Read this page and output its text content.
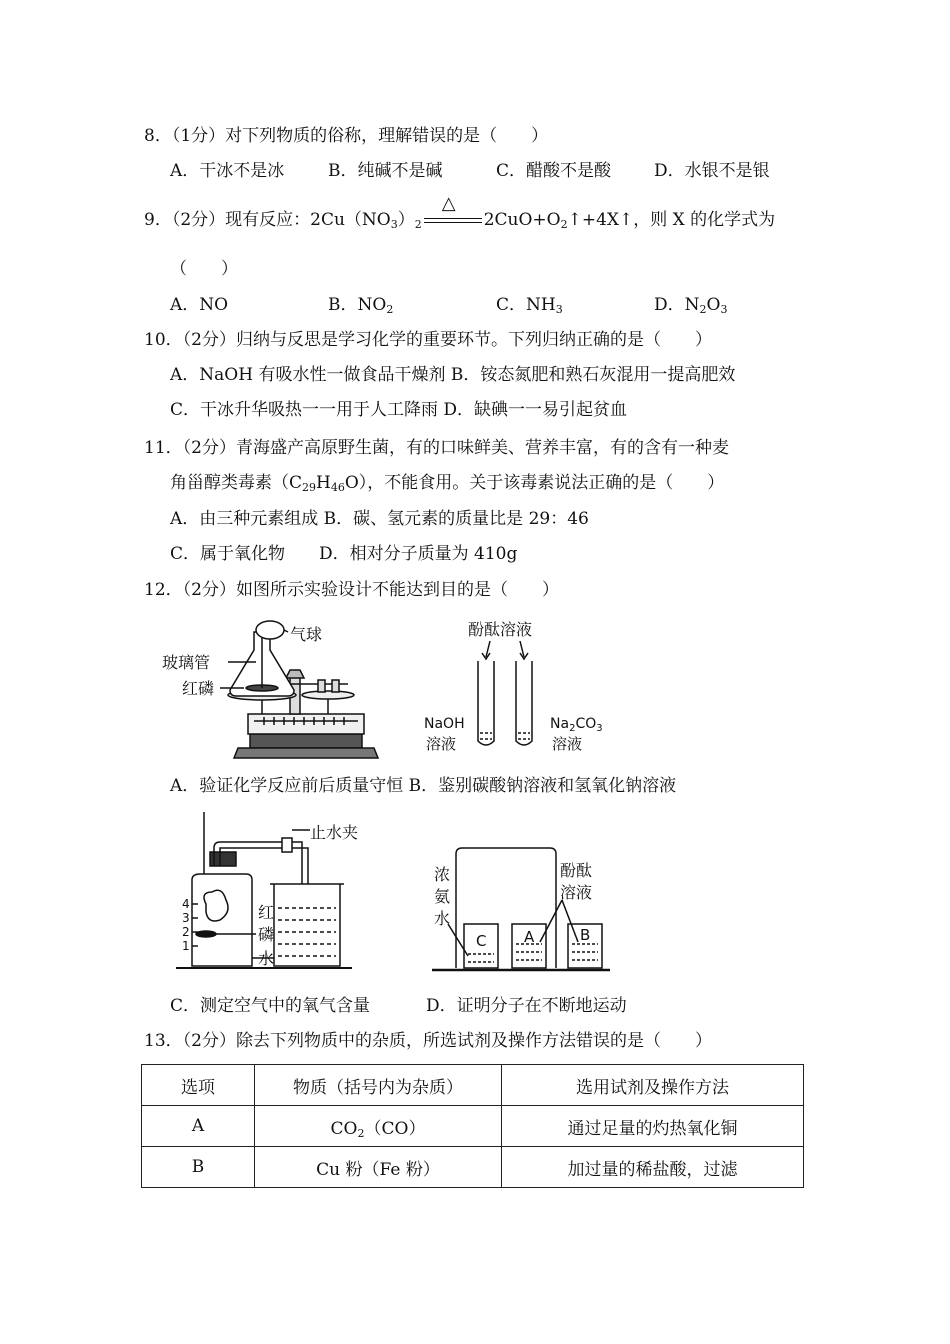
8．（1分）对下列物质的俗称，理解错误的是（　　）
A．干冰不是冰	B．纯碱不是碱	C．醋酸不是酸	D．水银不是银
9．（2分）现有反应：$2Cu(NO_3)_2$
△
$2CuO+O_2↑+4X↑$，则 X 的化学式为
（　　）
A．NO	B．$NO_2$	C．$NH_3$	D．$N_2O_3$
10．（2分）归纳与反思是学习化学的重要环节。下列归纳正确的是（　　）
A．NaOH 有吸水性一做食品干燥剂 B．铵态氮肥和熟石灰混用一提高肥效
C．干冰升华吸热一一用于人工降雨 D．缺碘一一易引起贫血
11．（2分）青海盛产高原野生菌，有的口味鲜美、营养丰富，有的含有一种麦
角甾醇类毒素$(C_{29}H_{46}O)$，不能食用。关于该毒素说法正确的是（　　）
A．由三种元素组成 B．碳、氢元素的质量比是 29：46
C．属于氧化物　　D．相对分子质量为 410g
12．（2分）如图所示实验设计不能达到目的是（　　）
气球
玻璃管
红磷
酚酞溶液
NaOH
溶液
$Na_2CO_3$
溶液
A．验证化学反应前后质量守恒 B．鉴别碳酸钠溶液和氢氧化钠溶液
4
3
2
1
止水夹
红
磷
水
浓
氨
水
酚酞
溶液
C	A	B
C．测定空气中的氧气含量	D．证明分子在不断地运动
13．（2分）除去下列物质中的杂质，所选试剂及操作方法错误的是（　　）
选项	物质（括号内为杂质）	选用试剂及操作方法
A	$CO_2(CO)$	通过足量的灼热氧化铜
B	Cu 粉（Fe 粉）	加过量的稀盐酸，过滤
